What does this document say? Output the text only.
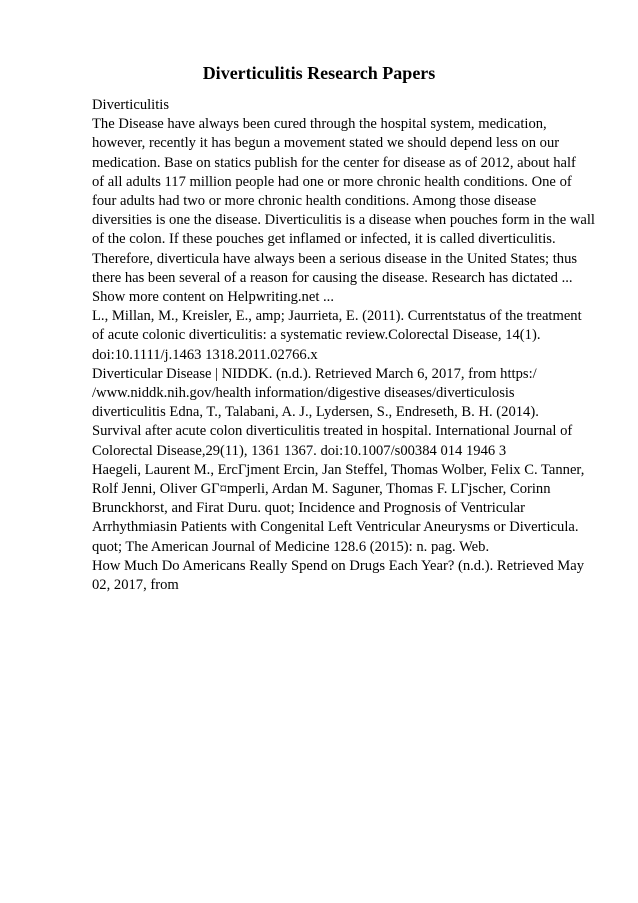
Diverticulitis Research Papers
Diverticulitis
The Disease have always been cured through the hospital system, medication,
however, recently it has begun a movement stated we should depend less on our
medication. Base on statics publish for the center for disease as of 2012, about half
of all adults 117 million people had one or more chronic health conditions. One of
four adults had two or more chronic health conditions. Among those disease
diversities is one the disease. Diverticulitis is a disease when pouches form in the wall
of the colon. If these pouches get inflamed or infected, it is called diverticulitis.
Therefore, diverticula have always been a serious disease in the United States; thus
there has been several of a reason for causing the disease. Research has dictated ...
Show more content on Helpwriting.net ...
L., Millan, M., Kreisler, E., amp; Jaurrieta, E. (2011). Currentstatus of the treatment
of acute colonic diverticulitis: a systematic review.Colorectal Disease, 14(1).
doi:10.1111/j.1463 1318.2011.02766.x
Diverticular Disease | NIDDK. (n.d.). Retrieved March 6, 2017, from https:/
/www.niddk.nih.gov/health information/digestive diseases/diverticulosis
diverticulitis Edna, T., Talabani, A. J., Lydersen, S., Endreseth, B. H. (2014).
Survival after acute colon diverticulitis treated in hospital. International Journal of
Colorectal Disease,29(11), 1361 1367. doi:10.1007/s00384 014 1946 3
Haegeli, Laurent M., ErcΓjment Ercin, Jan Steffel, Thomas Wolber, Felix C. Tanner,
Rolf Jenni, Oliver GΓ¤mperli, Ardan M. Saguner, Thomas F. LΓјscher, Corinn
Brunckhorst, and Firat Duru. quot; Incidence and Prognosis of Ventricular
Arrhythmiasin Patients with Congenital Left Ventricular Aneurysms or Diverticula.
quot; The American Journal of Medicine 128.6 (2015): n. pag. Web.
How Much Do Americans Really Spend on Drugs Each Year? (n.d.). Retrieved May
02, 2017, from
